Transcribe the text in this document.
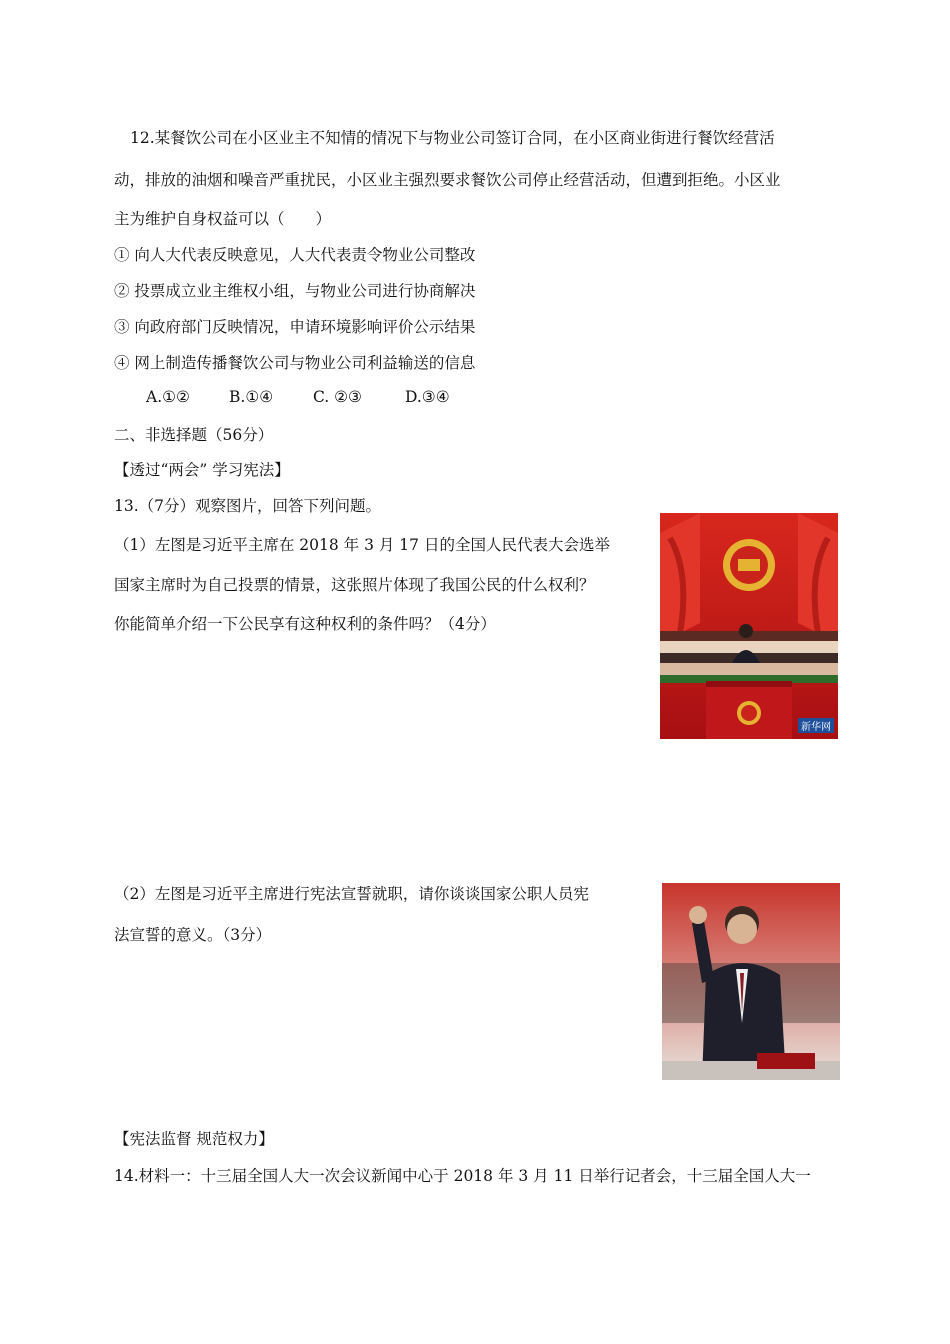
12.某餐饮公司在小区业主不知情的情况下与物业公司签订合同，在小区商业街进行餐饮经营活
动，排放的油烟和噪音严重扰民，小区业主强烈要求餐饮公司停止经营活动，但遭到拒绝。小区业
主为维护自身权益可以（　　）
① 向人大代表反映意见，人大代表责令物业公司整改
② 投票成立业主维权小组，与物业公司进行协商解决
③ 向政府部门反映情况，申请环境影响评价公示结果
④ 网上制造传播餐饮公司与物业公司利益输送的信息
A.①②	B.①④	C. ②③	D.③④
二、非选择题（56分）
【透过“两会” 学习宪法】
13.（7分）观察图片，回答下列问题。
（1）左图是习近平主席在 2018 年 3 月 17 日的全国人民代表大会选举
国家主席时为自己投票的情景，这张照片体现了我国公民的什么权利？
你能简单介绍一下公民享有这种权利的条件吗？（4分）
新华网
（2）左图是习近平主席进行宪法宣誓就职，请你谈谈国家公职人员宪
法宣誓的意义。（3分）
【宪法监督 规范权力】
14.材料一：十三届全国人大一次会议新闻中心于 2018 年 3 月 11 日举行记者会，十三届全国人大一
